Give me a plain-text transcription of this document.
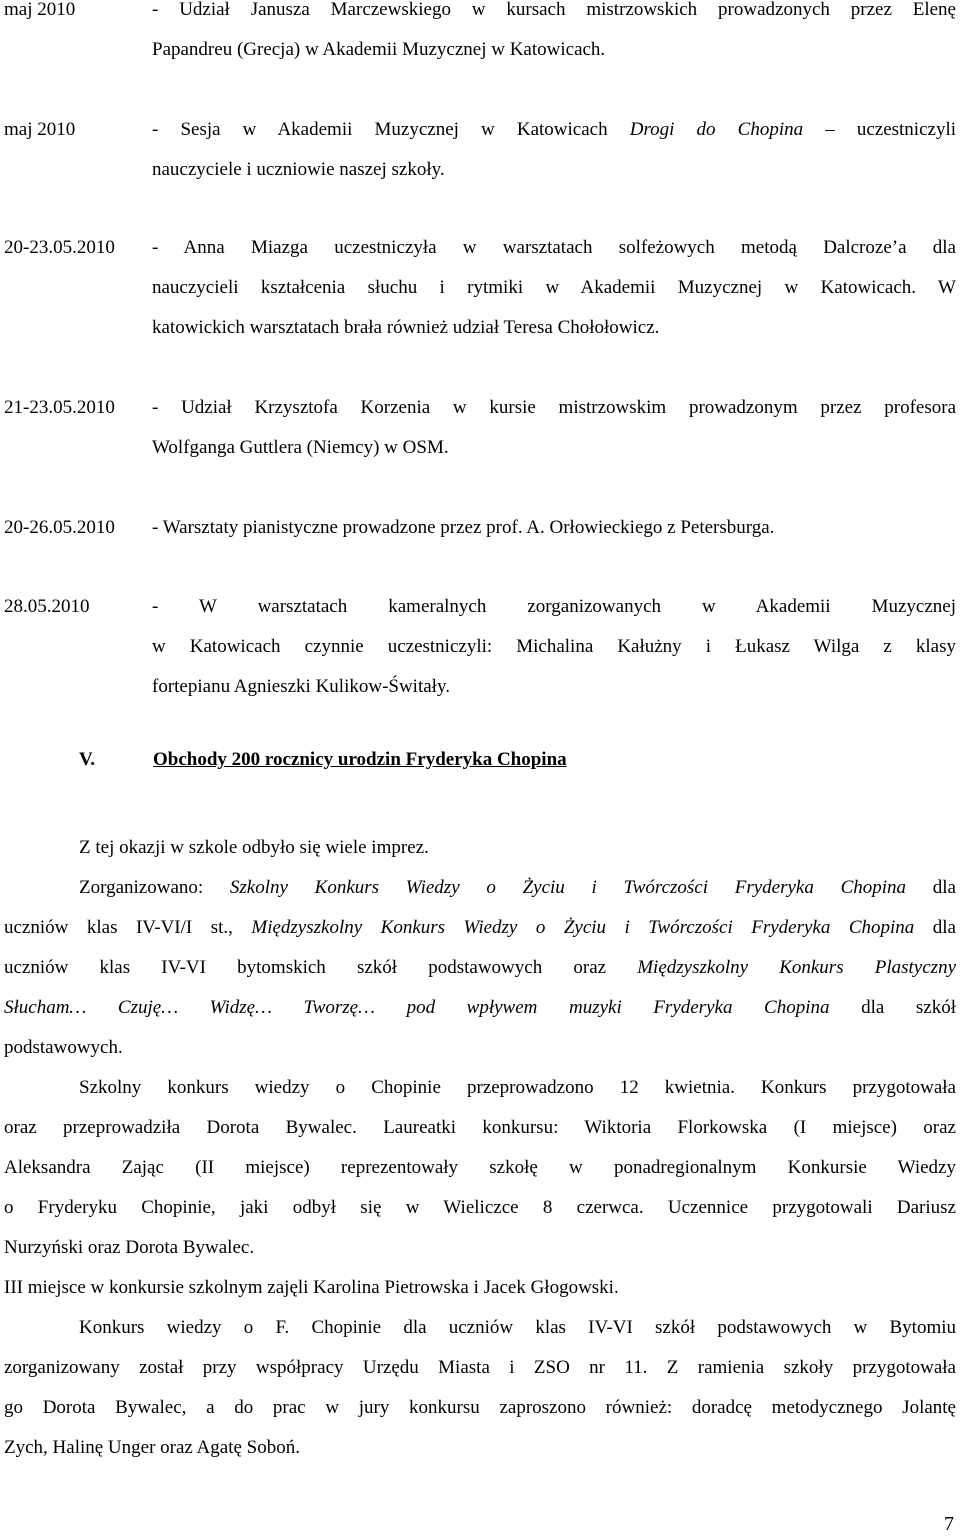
maj 2010	- Udział Janusza Marczewskiego w kursach mistrzowskich prowadzonych przez Elenę
Papandreu (Grecja) w Akademii Muzycznej w Katowicach.
maj 2010	- Sesja w Akademii Muzycznej w Katowicach Drogi do Chopina – uczestniczyli
nauczyciele i uczniowie naszej szkoły.
20-23.05.2010 - Anna Miazga uczestniczyła w warsztatach solfeżowych metodą Dalcroze’a dla
nauczycieli kształcenia słuchu i rytmiki w Akademii Muzycznej w Katowicach. W
katowickich warsztatach brała również udział Teresa Chołołowicz.
21-23.05.2010 - Udział Krzysztofa Korzenia w kursie mistrzowskim prowadzonym przez profesora
Wolfganga Guttlera (Niemcy) w OSM.
20-26.05.2010 - Warsztaty pianistyczne prowadzone przez prof. A. Orłowieckiego z Petersburga.
28.05.2010	- W warsztatach kameralnych zorganizowanych w Akademii Muzycznej
w Katowicach czynnie uczestniczyli: Michalina Kałużny i Łukasz Wilga z klasy
fortepianu Agnieszki Kulikow-Świtały.
V.	Obchody 200 rocznicy urodzin Fryderyka Chopina
Z tej okazji w szkole odbyło się wiele imprez.
Zorganizowano: Szkolny Konkurs Wiedzy o Życiu i Twórczości Fryderyka Chopina dla
uczniów klas IV-VI/I st., Międzyszkolny Konkurs Wiedzy o Życiu i Twórczości Fryderyka Chopina dla
uczniów klas IV-VI bytomskich szkół podstawowych oraz Międzyszkolny Konkurs Plastyczny
Słucham… Czuję… Widzę… Tworzę… pod wpływem muzyki Fryderyka Chopina dla szkół
podstawowych.
Szkolny konkurs wiedzy o Chopinie przeprowadzono 12 kwietnia. Konkurs przygotowała
oraz przeprowadziła Dorota Bywalec. Laureatki konkursu: Wiktoria Florkowska (I miejsce) oraz
Aleksandra Zając (II miejsce) reprezentowały szkołę w ponadregionalnym Konkursie Wiedzy
o Fryderyku Chopinie, jaki odbył się w Wieliczce 8 czerwca. Uczennice przygotowali Dariusz
Nurzyński oraz Dorota Bywalec.
III miejsce w konkursie szkolnym zajęli Karolina Pietrowska i Jacek Głogowski.
Konkurs wiedzy o F. Chopinie dla uczniów klas IV-VI szkół podstawowych w Bytomiu
zorganizowany został przy współpracy Urzędu Miasta i ZSO nr 11. Z ramienia szkoły przygotowała
go Dorota Bywalec, a do prac w jury konkursu zaproszono również: doradcę metodycznego Jolantę
Zych, Halinę Unger oraz Agatę Soboń.
7
